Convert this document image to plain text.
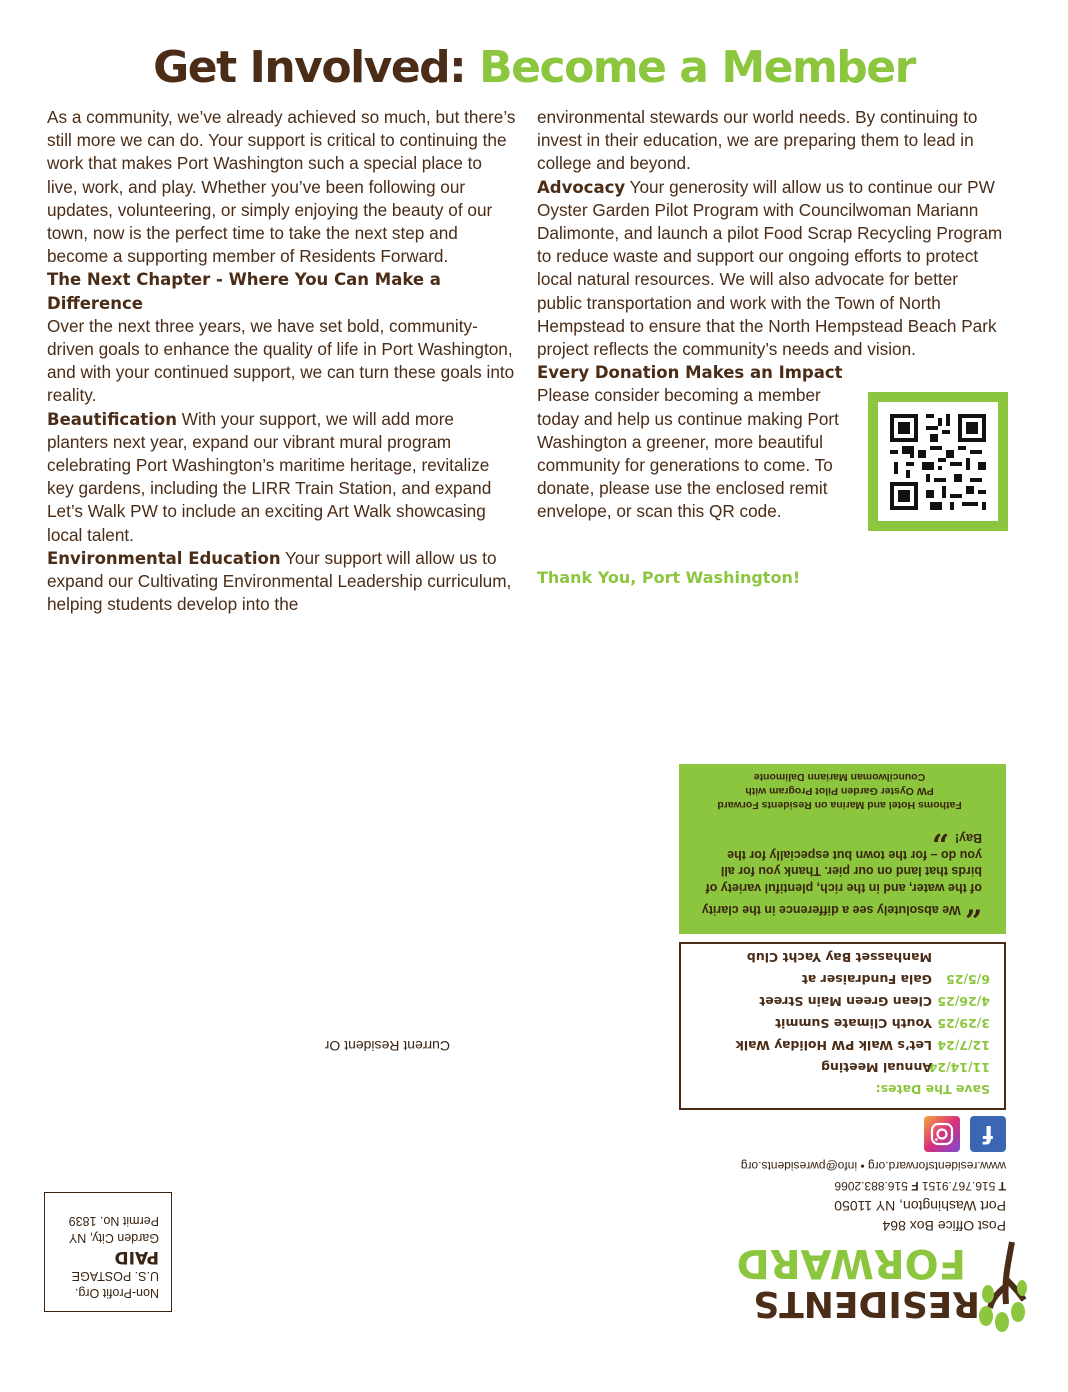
Get Involved: Become a Member

As a community, we’ve already achieved so much, but there’s still more we can do. Your support is critical to continuing the work that makes Port Washington such a special place to live, work, and play. Whether you’ve been following our updates, volunteering, or simply enjoying the beauty of our town, now is the perfect time to take the next step and become a supporting member of Residents Forward.

The Next Chapter - Where You Can Make a Difference

Over the next three years, we have set bold, community-driven goals to enhance the quality of life in Port Washington, and with your continued support, we can turn these goals into reality.

Beautification With your support, we will add more planters next year, expand our vibrant mural program celebrating Port Washington’s maritime heritage, revitalize key gardens, including the LIRR Train Station, and expand Let’s Walk PW to include an exciting Art Walk showcasing local talent.

Environmental Education Your support will allow us to expand our Cultivating Environmental Leadership curriculum, helping students develop into the

environmental stewards our world needs. By continuing to invest in their education, we are preparing them to lead in college and beyond.

Advocacy Your generosity will allow us to continue our PW Oyster Garden Pilot Program with Councilwoman Mariann Dalimonte, and launch a pilot Food Scrap Recycling Program to reduce waste and support our ongoing efforts to protect local natural resources. We will also advocate for better public transportation and work with the Town of North Hempstead to ensure that the North Hempstead Beach Park project reflects the community’s needs and vision.

Every Donation Makes an Impact

Please consider becoming a member today and help us continue making Port Washington a greener, more beautiful community for generations to come. To donate, please use the enclosed remit envelope, or scan this QR code.

Thank You, Port Washington!
“We absolutely see a difference in the clarity of the water, and in the rich, plentiful variety of birds that land on our pier. Thank you for all you do – for the town but especially for the Bay!”
Fathoms Hotel and Marina on Residents Forward
PW Oyster Garden Pilot Program with
Councilwoman Mariann Dalimonte
Save The Dates:
11/14/24
Annual Meeting
12/7/24
Let’s Walk PW Holiday Walk
3/29/25
Youth Climate Summit
4/26/25
Clean Green Main Street
6/5/25
Gala Fundraiser at
Manhasset Bay Yacht Club
f
Post Office Box 864
Port Washington, NY 11050
T 516.767.9151 F 516.883.2066
www.residentsforward.org • info@pwresidents.org
RESIDENTS
FORWARD
Current Resident Or
Non-Profit Org.
U.S. POSTAGE
PAID
Garden City, NY
Permit No. 1839
